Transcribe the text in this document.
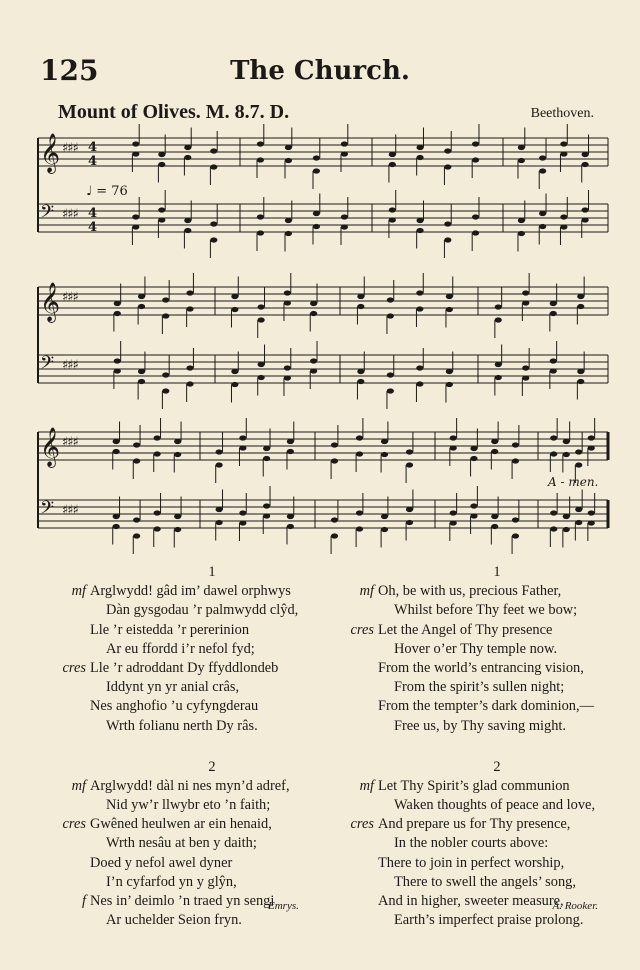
125	The Church.
Mount of Olives. M. 8.7. D.	Beethoven.
𝄞 ♯♯♯ 4
4
𝄢 ♯♯♯ 4
4
𝄞 ♯♯♯
𝄢 ♯♯♯
𝄞 ♯♯♯
𝄢 ♯♯♯
♩ = 76
A - men.
1
mf Arglwydd! gâd im’ dawel orphwys
Dàn gysgodau ’r palmwydd clŷd,
Lle ’r eistedda ’r pererinion
Ar eu ffordd i’r nefol fyd;
cres Lle ’r adroddant Dy ffyddlondeb
Iddynt yn yr anial crâs,
Nes anghofio ’u cyfyngderau
Wrth folianu nerth Dy râs.
2
mf Arglwydd! dàl ni nes myn’d adref,
Nid yw’r llwybr eto ’n faith;
cres Gwêned heulwen ar ein henaid,
Wrth nesâu at ben y daith;
Doed y nefol awel dyner
I’n cyfarfod yn y glŷn,
f Nes in’ deimlo ’n traed yn sengi
Ar uchelder Seion fryn.
1
mf Oh, be with us, precious Father,
Whilst before Thy feet we bow;
cres Let the Angel of Thy presence
Hover o’er Thy temple now.
From the world’s entrancing vision,
From the spirit’s sullen night;
From the tempter’s dark dominion,—
Free us, by Thy saving might.
2
mf Let Thy Spirit’s glad communion
Waken thoughts of peace and love,
cres And prepare us for Thy presence,
In the nobler courts above:
There to join in perfect worship,
There to swell the angels’ song,
And in higher, sweeter measure,
Earth’s imperfect praise prolong.
Emrys.	A. Rooker.
